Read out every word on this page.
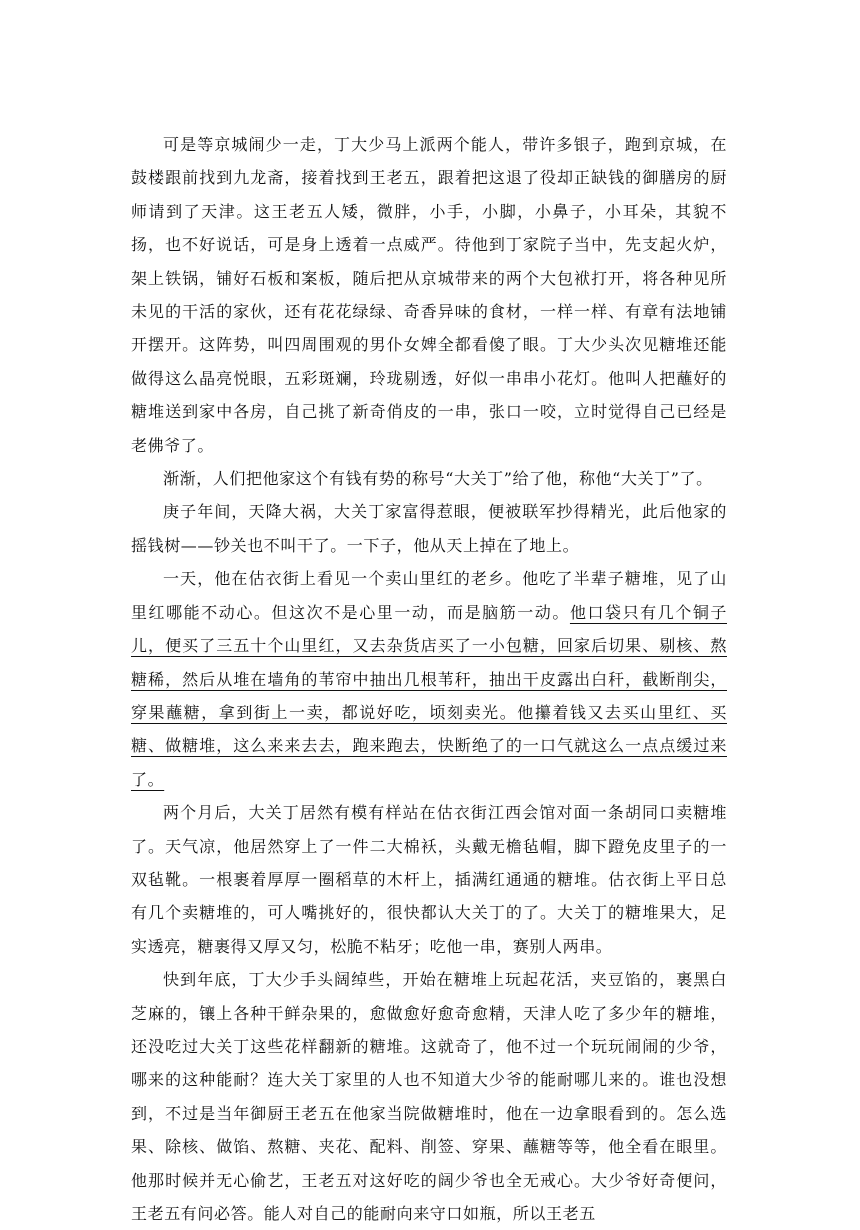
可是等京城闹少一走，丁大少马上派两个能人，带许多银子，跑到京城，在鼓楼跟前找到九龙斋，接着找到王老五，跟着把这退了役却正缺钱的御膳房的厨师请到了天津。这王老五人矮，微胖，小手，小脚，小鼻子，小耳朵，其貌不扬，也不好说话，可是身上透着一点威严。待他到丁家院子当中，先支起火炉，架上铁锅，铺好石板和案板，随后把从京城带来的两个大包袱打开，将各种见所未见的干活的家伙，还有花花绿绿、奇香异味的食材，一样一样、有章有法地铺开摆开。这阵势，叫四周围观的男仆女婢全都看傻了眼。丁大少头次见糖堆还能做得这么晶亮悦眼，五彩斑斓，玲珑剔透，好似一串串小花灯。他叫人把蘸好的糖堆送到家中各房，自己挑了新奇俏皮的一串，张口一咬，立时觉得自己已经是老佛爷了。

渐渐，人们把他家这个有钱有势的称号“大关丁”给了他，称他“大关丁”了。

庚子年间，天降大祸，大关丁家富得惹眼，便被联军抄得精光，此后他家的摇钱树——钞关也不叫干了。一下子，他从天上掉在了地上。

一天，他在估衣街上看见一个卖山里红的老乡。他吃了半辈子糖堆，见了山里红哪能不动心。但这次不是心里一动，而是脑筋一动。他口袋只有几个铜子儿，便买了三五十个山里红，又去杂货店买了一小包糖，回家后切果、剔核、熬糖稀，然后从堆在墙角的苇帘中抽出几根苇秆，抽出干皮露出白秆，截断削尖，穿果蘸糖，拿到街上一卖，都说好吃，顷刻卖光。他攥着钱又去买山里红、买糖、做糖堆，这么来来去去，跑来跑去，快断绝了的一口气就这么一点点缓过来了。

两个月后，大关丁居然有模有样站在估衣街江西会馆对面一条胡同口卖糖堆了。天气凉，他居然穿上了一件二大棉袄，头戴无檐毡帽，脚下蹬免皮里子的一双毡靴。一根裹着厚厚一圈稻草的木杆上，插满红通通的糖堆。估衣街上平日总有几个卖糖堆的，可人嘴挑好的，很快都认大关丁的了。大关丁的糖堆果大，足实透亮，糖裹得又厚又匀，松脆不粘牙；吃他一串，赛别人两串。

快到年底，丁大少手头阔绰些，开始在糖堆上玩起花活，夹豆馅的，裹黑白芝麻的，镶上各种干鲜杂果的，愈做愈好愈奇愈精，天津人吃了多少年的糖堆，还没吃过大关丁这些花样翻新的糖堆。这就奇了，他不过一个玩玩闹闹的少爷，哪来的这种能耐？连大关丁家里的人也不知道大少爷的能耐哪儿来的。谁也没想到，不过是当年御厨王老五在他家当院做糖堆时，他在一边拿眼看到的。怎么选果、除核、做馅、熬糖、夹花、配料、削签、穿果、蘸糖等等，他全看在眼里。他那时候并无心偷艺，王老五对这好吃的阔少爷也全无戒心。大少爷好奇便问，王老五有问必答。能人对自己的能耐向来守口如瓶，所以王老五
